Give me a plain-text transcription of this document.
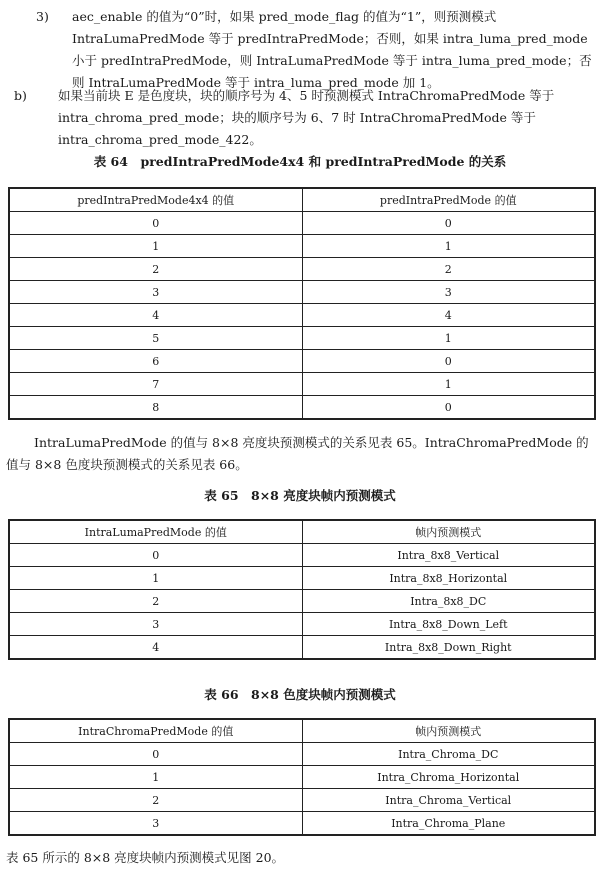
3)	aec_enable 的值为“0”时，如果 pred_mode_flag 的值为“1”，则预测模式 IntraLumaPredMode 等于 predIntraPredMode；否则，如果 intra_luma_pred_mode 小于 predIntraPredMode，则 IntraLumaPredMode 等于 intra_luma_pred_mode；否则 IntraLumaPredMode 等于 intra_luma_pred_mode 加 1。
b)	如果当前块 E 是色度块，块的顺序号为 4、5 时预测模式 IntraChromaPredMode 等于 intra_chroma_pred_mode；块的顺序号为 6、7 时 IntraChromaPredMode 等于 intra_chroma_pred_mode_422。
表 64　predIntraPredMode4x4 和 predIntraPredMode 的关系
predIntraPredMode4x4 的值	predIntraPredMode 的值
0	0
1	1
2	2
3	3
4	4
5	1
6	0
7	1
8	0

IntraLumaPredMode 的值与 8×8 亮度块预测模式的关系见表 65。IntraChromaPredMode 的值与 8×8 色度块预测模式的关系见表 66。

表 65　8×8 亮度块帧内预测模式
IntraLumaPredMode 的值	帧内预测模式
0	Intra_8x8_Vertical
1	Intra_8x8_Horizontal
2	Intra_8x8_DC
3	Intra_8x8_Down_Left
4	Intra_8x8_Down_Right
表 66　8×8 色度块帧内预测模式
IntraChromaPredMode 的值	帧内预测模式
0	Intra_Chroma_DC
1	Intra_Chroma_Horizontal
2	Intra_Chroma_Vertical
3	Intra_Chroma_Plane

表 65 所示的 8×8 亮度块帧内预测模式见图 20。
